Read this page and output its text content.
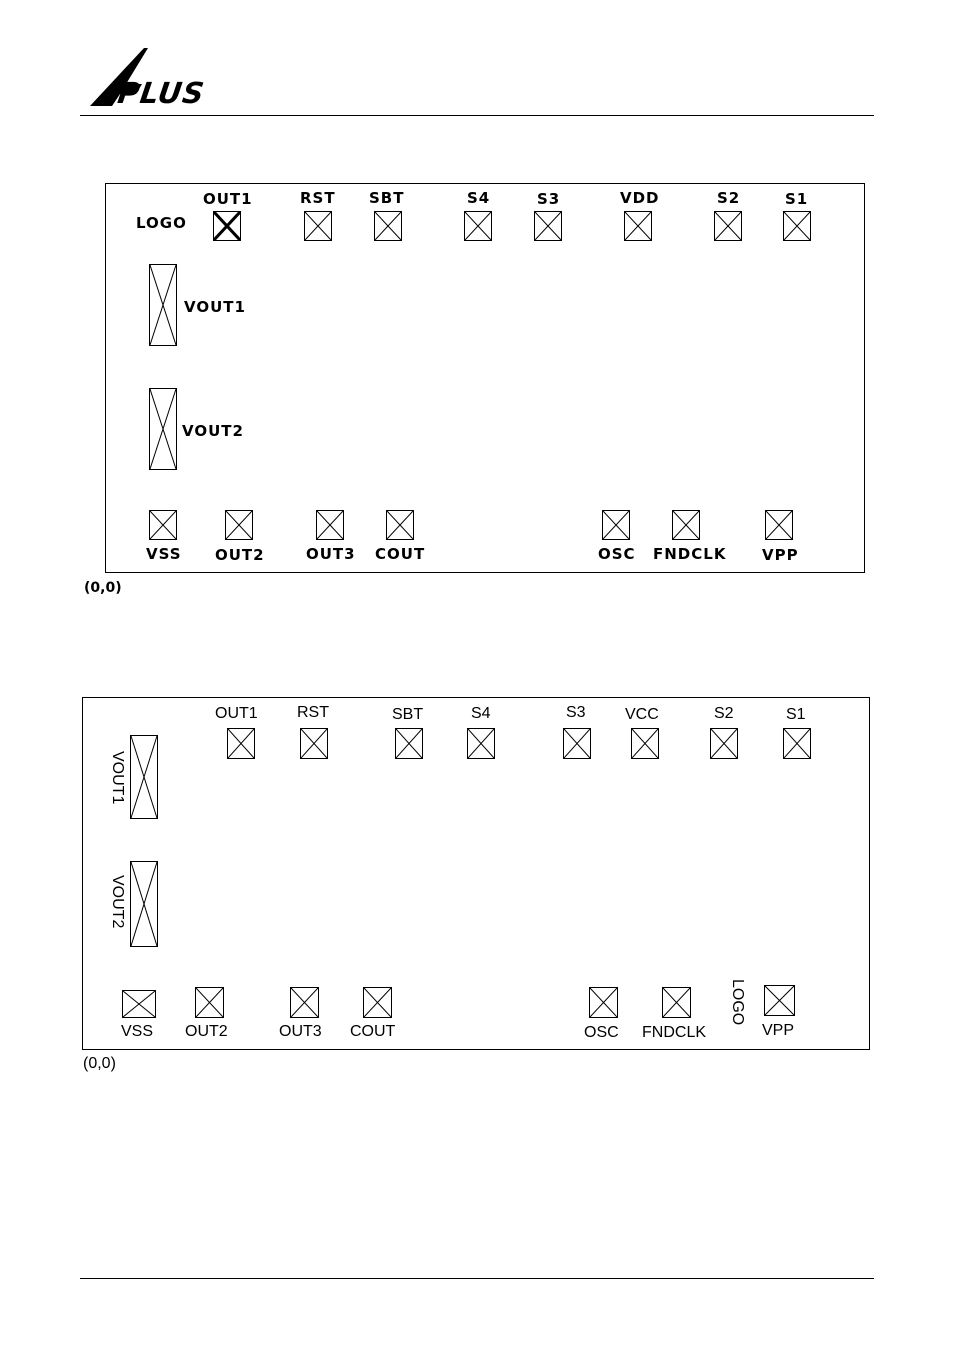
PLUS
LOGO
OUT1	RST SBT	S4	S3	VDD	S2	S1
VOUT1
VOUT2
VSS OUT2	OUT3 COUT	OSC FNDCLK VPP
(0,0)
OUT1 RST	SBT	S4	S3 VCC	S2	S1
VOUT1
VOUT2
VSS OUT2	OUT3 COUT	OSC FNDCLK
LOGO
VPP
(0,0)
